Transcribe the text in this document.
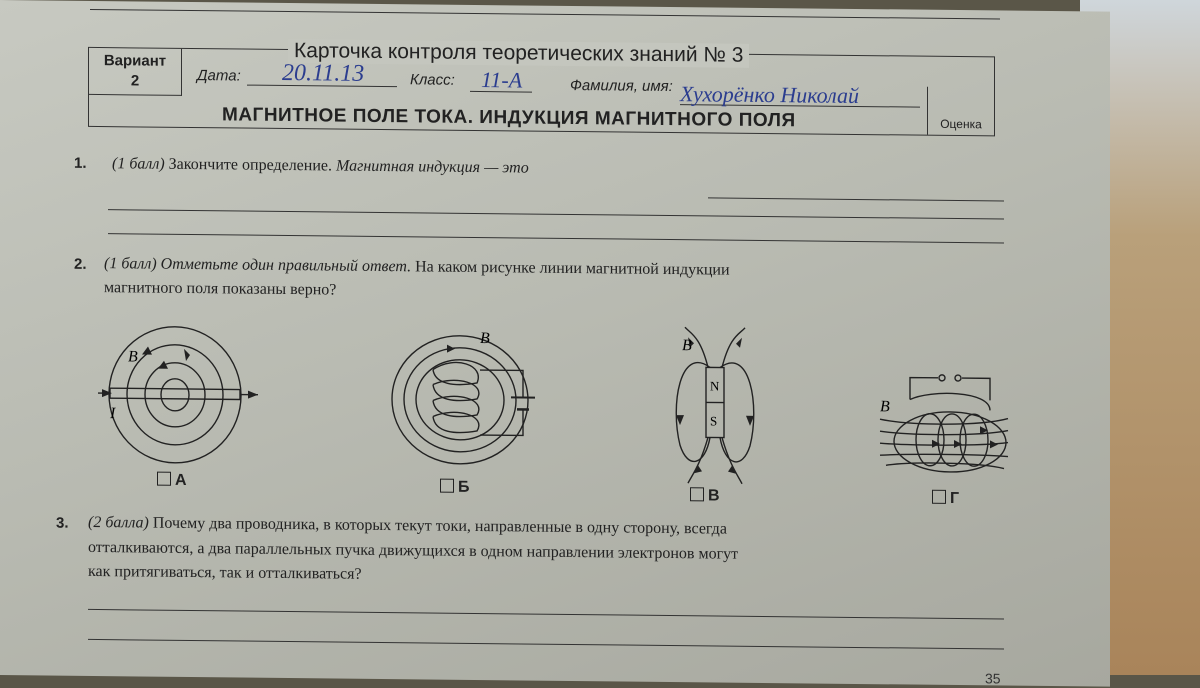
Вариант
2
Оценка
Карточка контроля теоретических знаний № 3
Дата: 20.11.13	Класс: 11-А	Фамилия, имя: Хухорёнко Николай
МАГНИТНОЕ ПОЛЕ ТОКА. ИНДУКЦИЯ МАГНИТНОГО ПОЛЯ
1. (1 балл) Закончите определение. Магнитная индукция — это
2. (1 балл) Отметьте один правильный ответ. На каком рисунке линии магнитной индукции
магнитного поля показаны верно?
B
I
А
B
Б
B
N
S
В
B
Г
3. (2 балла) Почему два проводника, в которых текут токи, направленные в одну сторону, всегда
отталкиваются, а два параллельных пучка движущихся в одном направлении электронов могут
как притягиваться, так и отталкиваться?
35
